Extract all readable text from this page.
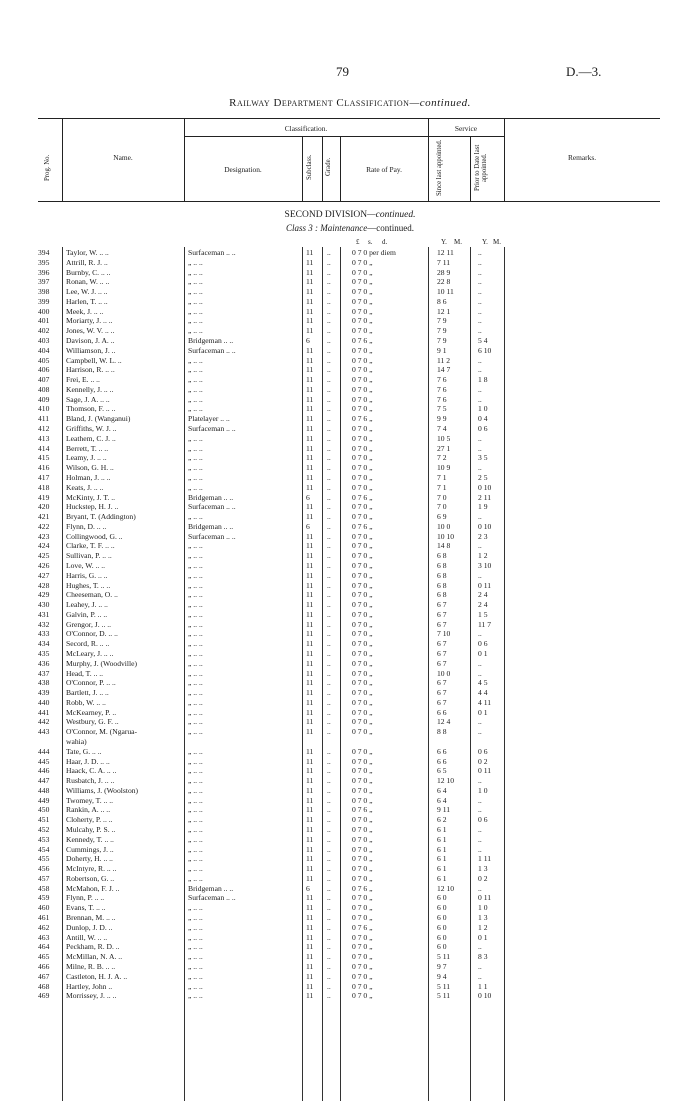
79	D.—3.
Railway Department Classification—continued.
Prog. No.	Name.
Classification.
Designation.	Subclass.	Grade.	Rate of Pay.
Service
Since last appointed.	Prior to Date last appointed.	Remarks.
SECOND DIVISION—continued.
Class 3 : Maintenance—continued.
£ s. d.	Y. M.	Y. M.
394	Taylor, W. .. ..	Surfaceman .. ..	11	..	0 7 0 per diem	12 11	..
395	Attrill, R. J. ..	„ .. ..	11	..	0 7 0 „	7 11	..
396	Burnby, C. .. ..	„ .. ..	11	..	0 7 0 „	28 9	..
397	Ronan, W. .. ..	„ .. ..	11	..	0 7 0 „	22 8	..
398	Lee, W. J. .. ..	„ .. ..	11	..	0 7 0 „	10 11	..
399	Harlen, T. .. ..	„ .. ..	11	..	0 7 0 „	8 6	..
400	Meek, J. .. ..	„ .. ..	11	..	0 7 0 „	12 1	..
401	Moriarty, J. .. ..	„ .. ..	11	..	0 7 0 „	7 9	..
402	Jones, W. V. .. ..	„ .. ..	11	..	0 7 0 „	7 9	..
403	Davison, J. A. ..	Bridgeman .. ..	6	..	0 7 6 „	7 9	5 4
404	Williamson, J. ..	Surfaceman .. ..	11	..	0 7 0 „	9 1	6 10
405	Campbell, W. L. ..	„ .. ..	11	..	0 7 0 „	11 2	..
406	Harrison, R. .. ..	„ .. ..	11	..	0 7 0 „	14 7	..
407	Frei, E. .. ..	„ .. ..	11	..	0 7 0 „	7 6	1 8
408	Kennelly, J. .. ..	„ .. ..	11	..	0 7 0 „	7 6	..
409	Sage, J. A. .. ..	„ .. ..	11	..	0 7 0 „	7 6	..
410	Thomson, F. .. ..	„ .. ..	11	..	0 7 0 „	7 5	1 0
411	Bland, J. (Wanganui)	Platelayer .. ..	11	..	0 7 6 „	9 9	0 4
412	Griffiths, W. J. ..	Surfaceman .. ..	11	..	0 7 0 „	7 4	0 6
413	Leathem, C. J. ..	„ .. ..	11	..	0 7 0 „	10 5	..
414	Berrett, T. .. ..	„ .. ..	11	..	0 7 0 „	27 1	..
415	Leamy, J. .. ..	„ .. ..	11	..	0 7 0 „	7 2	3 5
416	Wilson, G. H. ..	„ .. ..	11	..	0 7 0 „	10 9	..
417	Holman, J. .. ..	„ .. ..	11	..	0 7 0 „	7 1	2 5
418	Keats, J. .. ..	„ .. ..	11	..	0 7 0 „	7 1	0 10
419	McKinty, J. T. ..	Bridgeman .. ..	6	..	0 7 6 „	7 0	2 11
420	Huckstep, H. J. ..	Surfaceman .. ..	11	..	0 7 0 „	7 0	1 9
421	Bryant, T. (Addington)	„ .. ..	11	..	0 7 0 „	6 9	..
422	Flynn, D. .. ..	Bridgeman .. ..	6	..	0 7 6 „	10 0	0 10
423	Collingwood, G. ..	Surfaceman .. ..	11	..	0 7 0 „	10 10	2 3
424	Clarke, T. F. .. ..	„ .. ..	11	..	0 7 0 „	14 8	..
425	Sullivan, P. .. ..	„ .. ..	11	..	0 7 0 „	6 8	1 2
426	Love, W. .. ..	„ .. ..	11	..	0 7 0 „	6 8	3 10
427	Harris, G. .. ..	„ .. ..	11	..	0 7 0 „	6 8	..
428	Hughes, T. .. ..	„ .. ..	11	..	0 7 0 „	6 8	0 11
429	Cheeseman, O. ..	„ .. ..	11	..	0 7 0 „	6 8	2 4
430	Leahey, J. .. ..	„ .. ..	11	..	0 7 0 „	6 7	2 4
431	Galvin, P. .. ..	„ .. ..	11	..	0 7 0 „	6 7	1 5
432	Grengor, J. .. ..	„ .. ..	11	..	0 7 0 „	6 7	11 7
433	O'Connor, D. .. ..	„ .. ..	11	..	0 7 0 „	7 10	..
434	Secord, R. .. ..	„ .. ..	11	..	0 7 0 „	6 7	0 6
435	McLeary, J. .. ..	„ .. ..	11	..	0 7 0 „	6 7	0 1
436	Murphy, J. (Woodville)	„ .. ..	11	..	0 7 0 „	6 7	..
437	Head, T. .. ..	„ .. ..	11	..	0 7 0 „	10 0	..
438	O'Connor, P. .. ..	„ .. ..	11	..	0 7 0 „	6 7	4 5
439	Bartlett, J. .. ..	„ .. ..	11	..	0 7 0 „	6 7	4 4
440	Robb, W. .. ..	„ .. ..	11	..	0 7 0 „	6 7	4 11
441	McKearney, P. ..	„ .. ..	11	..	0 7 0 „	6 6	0 1
442	Westbury, G. F. ..	„ .. ..	11	..	0 7 0 „	12 4	..
443	O'Connor, M. (Ngarua-	„ .. ..	11	..	0 7 0 „	8 8	..
wahia)
444	Tate, G. .. ..	„ .. ..	11	..	0 7 0 „	6 6	0 6
445	Haar, J. D. .. ..	„ .. ..	11	..	0 7 0 „	6 6	0 2
446	Haack, C. A. .. ..	„ .. ..	11	..	0 7 0 „	6 5	0 11
447	Rusbatch, J. .. ..	„ .. ..	11	..	0 7 0 „	12 10	..
448	Williams, J. (Woolston)	„ .. ..	11	..	0 7 0 „	6 4	1 0
449	Twomey, T. .. ..	„ .. ..	11	..	0 7 0 „	6 4	..
450	Rankin, A. .. ..	„ .. ..	11	..	0 7 6 „	9 11	..
451	Cloherty, P. .. ..	„ .. ..	11	..	0 7 0 „	6 2	0 6
452	Mulcahy, P. S. ..	„ .. ..	11	..	0 7 0 „	6 1	..
453	Kennedy, T. .. ..	„ .. ..	11	..	0 7 0 „	6 1	..
454	Cummings, J. ..	„ .. ..	11	..	0 7 0 „	6 1	..
455	Doherty, H. .. ..	„ .. ..	11	..	0 7 0 „	6 1	1 11
456	McIntyre, R. .. ..	„ .. ..	11	..	0 7 0 „	6 1	1 3
457	Robertson, G. ..	„ .. ..	11	..	0 7 0 „	6 1	0 2
458	McMahon, F. J. ..	Bridgeman .. ..	6	..	0 7 6 „	12 10	..
459	Flynn, P. .. ..	Surfaceman .. ..	11	..	0 7 0 „	6 0	0 11
460	Evans, T. .. ..	„ .. ..	11	..	0 7 0 „	6 0	1 0
461	Brennan, M. .. ..	„ .. ..	11	..	0 7 0 „	6 0	1 3
462	Dunlop, J. D. ..	„ .. ..	11	..	0 7 6 „	6 0	1 2
463	Antill, W. .. ..	„ .. ..	11	..	0 7 0 „	6 0	0 1
464	Peckham, R. D. ..	„ .. ..	11	..	0 7 0 „	6 0	..
465	McMillan, N. A. ..	„ .. ..	11	..	0 7 0 „	5 11	8 3
466	Milne, R. B. .. ..	„ .. ..	11	..	0 7 0 „	9 7	..
467	Castleton, H. J. A. ..	„ .. ..	11	..	0 7 0 „	9 4	..
468	Hartley, John ..	„ .. ..	11	..	0 7 0 „	5 11	1 1
469	Morrissey, J. .. ..	„ .. ..	11	..	0 7 0 „	5 11	0 10
